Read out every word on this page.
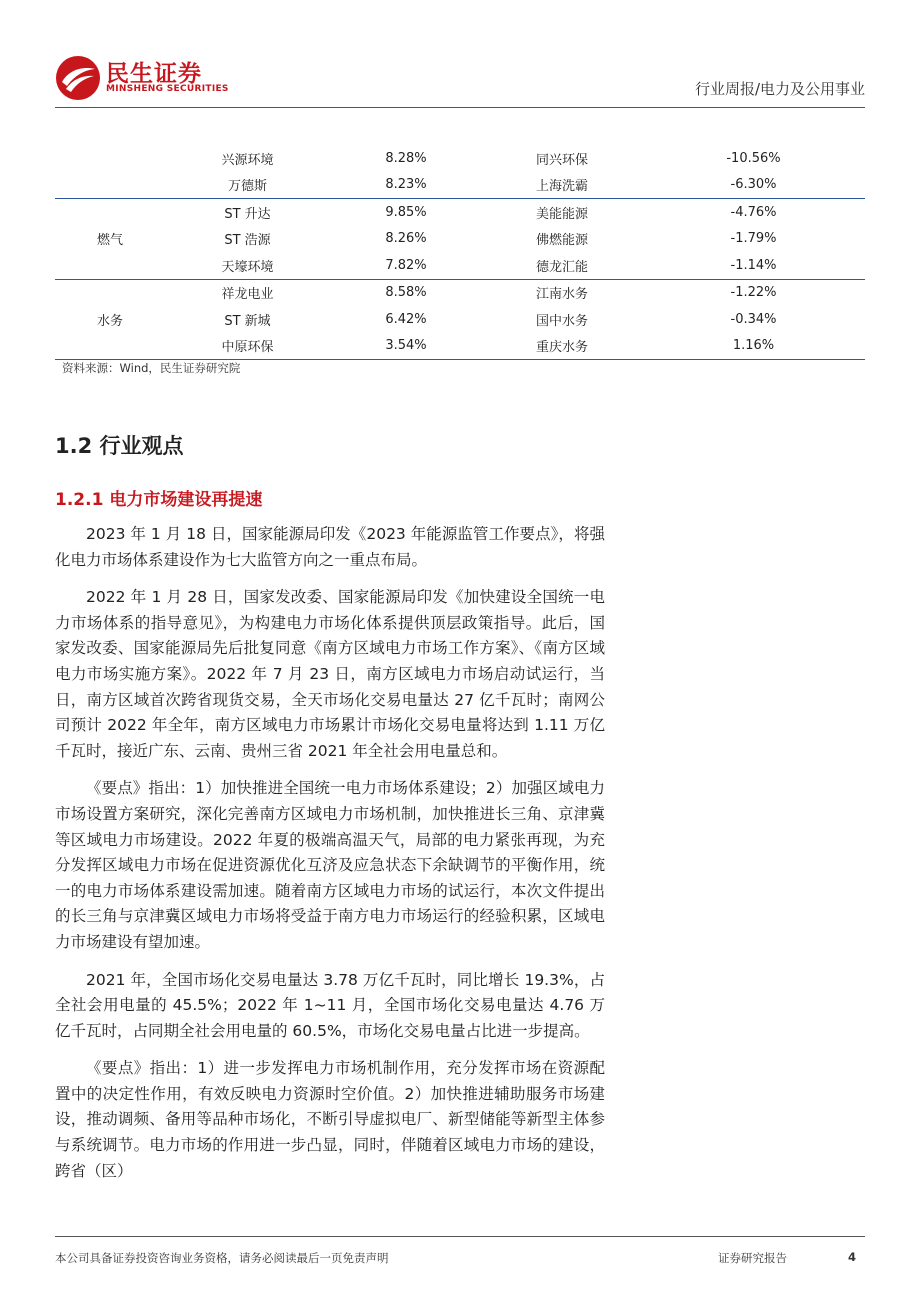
民生证券
MINSHENG SECURITIES	行业周报/电力及公用事业
	兴源环境	8.28%	同兴环保	-10.56%
	万德斯	8.23%	上海洗霸	-6.30%
	ST 升达	9.85%	美能能源	-4.76%
燃气	ST 浩源	8.26%	佛燃能源	-1.79%
	天壕环境	7.82%	德龙汇能	-1.14%
	祥龙电业	8.58%	江南水务	-1.22%
水务	ST 新城	6.42%	国中水务	-0.34%
	中原环保	3.54%	重庆水务	1.16%
资料来源：Wind，民生证券研究院
1.2 行业观点
1.2.1 电力市场建设再提速

2023 年 1 月 18 日，国家能源局印发《2023 年能源监管工作要点》，将强化电力市场体系建设作为七大监管方向之一重点布局。

2022 年 1 月 28 日，国家发改委、国家能源局印发《加快建设全国统一电力市场体系的指导意见》，为构建电力市场化体系提供顶层政策指导。此后，国家发改委、国家能源局先后批复同意《南方区域电力市场工作方案》、《南方区域电力市场实施方案》。2022 年 7 月 23 日，南方区域电力市场启动试运行，当日，南方区域首次跨省现货交易，全天市场化交易电量达 27 亿千瓦时；南网公司预计 2022 年全年，南方区域电力市场累计市场化交易电量将达到 1.11 万亿千瓦时，接近广东、云南、贵州三省 2021 年全社会用电量总和。

《要点》指出：1）加快推进全国统一电力市场体系建设；2）加强区域电力市场设置方案研究，深化完善南方区域电力市场机制，加快推进长三角、京津冀等区域电力市场建设。2022 年夏的极端高温天气，局部的电力紧张再现，为充分发挥区域电力市场在促进资源优化互济及应急状态下余缺调节的平衡作用，统一的电力市场体系建设需加速。随着南方区域电力市场的试运行，本次文件提出的长三角与京津冀区域电力市场将受益于南方电力市场运行的经验积累，区域电力市场建设有望加速。

2021 年，全国市场化交易电量达 3.78 万亿千瓦时，同比增长 19.3%，占全社会用电量的 45.5%；2022 年 1~11 月，全国市场化交易电量达 4.76 万亿千瓦时，占同期全社会用电量的 60.5%，市场化交易电量占比进一步提高。

《要点》指出：1）进一步发挥电力市场机制作用，充分发挥市场在资源配置中的决定性作用，有效反映电力资源时空价值。2）加快推进辅助服务市场建设，推动调频、备用等品种市场化，不断引导虚拟电厂、新型储能等新型主体参与系统调节。电力市场的作用进一步凸显，同时，伴随着区域电力市场的建设，跨省（区）

本公司具备证券投资咨询业务资格，请务必阅读最后一页免责声明	证券研究报告	4
